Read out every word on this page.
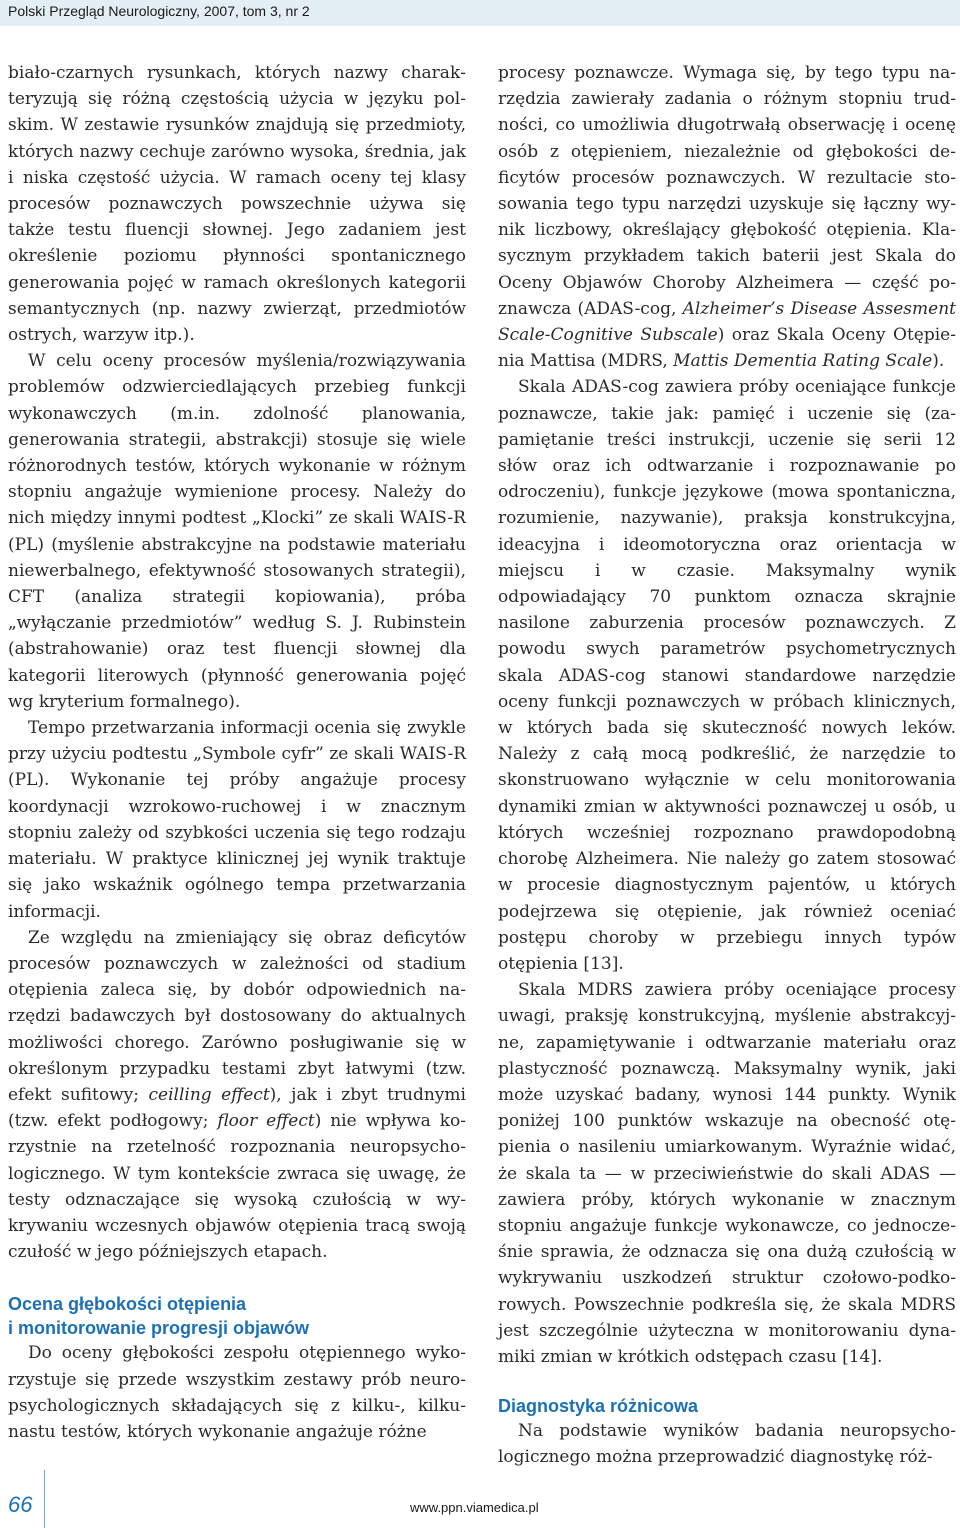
Polski Przegląd Neurologiczny, 2007, tom 3, nr 2

biało-czarnych rysunkach, których nazwy charakteryzują się różną częstością użycia w języku polskim. W zestawie rysunków znajdują się przedmioty, których nazwy cechuje zarówno wysoka, średnia, jak i niska częstość użycia. W ramach oceny tej klasy procesów poznawczych powszechnie używa się także testu fluencji słownej. Jego zadaniem jest określenie poziomu płynności spontanicznego generowania pojęć w ramach określonych kategorii semantycznych (np. nazwy zwierząt, przedmiotów ostrych, warzyw itp.).

W celu oceny procesów myślenia/rozwiązywania problemów odzwierciedlających przebieg funkcji wykonawczych (m.in. zdolność planowania, generowania strategii, abstrakcji) stosuje się wiele różnorodnych testów, których wykonanie w różnym stopniu angażuje wymienione procesy. Należy do nich między innymi podtest „Klocki” ze skali WAIS-R (PL) (myślenie abstrakcyjne na podstawie materiału niewerbalnego, efektywność stosowanych strategii), CFT (analiza strategii kopiowania), próba „wyłączanie przedmiotów” według S. J. Rubinstein (abstrahowanie) oraz test fluencji słownej dla kategorii literowych (płynność generowania pojęć wg kryterium formalnego).

Tempo przetwarzania informacji ocenia się zwykle przy użyciu podtestu „Symbole cyfr” ze skali WAIS-R (PL). Wykonanie tej próby angażuje procesy koordynacji wzrokowo-ruchowej i w znacznym stopniu zależy od szybkości uczenia się tego rodzaju materiału. W praktyce klinicznej jej wynik traktuje się jako wskaźnik ogólnego tempa przetwarzania informacji.

Ze względu na zmieniający się obraz deficytów procesów poznawczych w zależności od stadium otępienia zaleca się, by dobór odpowiednich narzędzi badawczych był dostosowany do aktualnych możliwości chorego. Zarówno posługiwanie się w określonym przypadku testami zbyt łatwymi (tzw. efekt sufitowy; ceilling effect), jak i zbyt trudnymi (tzw. efekt podłogowy; floor effect) nie wpływa korzystnie na rzetelność rozpoznania neuropsychologicznego. W tym kontekście zwraca się uwagę, że testy odznaczające się wysoką czułością w wykrywaniu wczesnych objawów otępienia tracą swoją czułość w jego późniejszych etapach.

Ocena głębokości otępienia
i monitorowanie progresji objawów

Do oceny głębokości zespołu otępiennego wykorzystuje się przede wszystkim zestawy prób neuropsychologicznych składających się z kilku-, kilkunastu testów, których wykonanie angażuje różne

procesy poznawcze. Wymaga się, by tego typu narzędzia zawierały zadania o różnym stopniu trudności, co umożliwia długotrwałą obserwację i ocenę osób z otępieniem, niezależnie od głębokości deficytów procesów poznawczych. W rezultacie stosowania tego typu narzędzi uzyskuje się łączny wynik liczbowy, określający głębokość otępienia. Klasycznym przykładem takich baterii jest Skala do Oceny Objawów Choroby Alzheimera — część poznawcza (ADAS-cog, Alzheimer’s Disease Assesment Scale-Cognitive Subscale) oraz Skala Oceny Otępienia Mattisa (MDRS, Mattis Dementia Rating Scale).

Skala ADAS-cog zawiera próby oceniające funkcje poznawcze, takie jak: pamięć i uczenie się (zapamiętanie treści instrukcji, uczenie się serii 12 słów oraz ich odtwarzanie i rozpoznawanie po odroczeniu), funkcje językowe (mowa spontaniczna, rozumienie, nazywanie), praksja konstrukcyjna, ideacyjna i ideomotoryczna oraz orientacja w miejscu i w czasie. Maksymalny wynik odpowiadający 70 punktom oznacza skrajnie nasilone zaburzenia procesów poznawczych. Z powodu swych parametrów psychometrycznych skala ADAS-cog stanowi standardowe narzędzie oceny funkcji poznawczych w próbach klinicznych, w których bada się skuteczność nowych leków. Należy z całą mocą podkreślić, że narzędzie to skonstruowano wyłącznie w celu monitorowania dynamiki zmian w aktywności poznawczej u osób, u których wcześniej rozpoznano prawdopodobną chorobę Alzheimera. Nie należy go zatem stosować w procesie diagnostycznym pajentów, u których podejrzewa się otępienie, jak również oceniać postępu choroby w przebiegu innych typów otępienia [13].

Skala MDRS zawiera próby oceniające procesy uwagi, praksję konstrukcyjną, myślenie abstrakcyjne, zapamiętywanie i odtwarzanie materiału oraz plastyczność poznawczą. Maksymalny wynik, jaki może uzyskać badany, wynosi 144 punkty. Wynik poniżej 100 punktów wskazuje na obecność otępienia o nasileniu umiarkowanym. Wyraźnie widać, że skala ta — w przeciwieństwie do skali ADAS — zawiera próby, których wykonanie w znacznym stopniu angażuje funkcje wykonawcze, co jednocześnie sprawia, że odznacza się ona dużą czułością w wykrywaniu uszkodzeń struktur czołowo-podkorowych. Powszechnie podkreśla się, że skala MDRS jest szczególnie użyteczna w monitorowaniu dynamiki zmian w krótkich odstępach czasu [14].

Diagnostyka różnicowa

Na podstawie wyników badania neuropsychologicznego można przeprowadzić diagnostykę róż-

66	www.ppn.viamedica.pl
